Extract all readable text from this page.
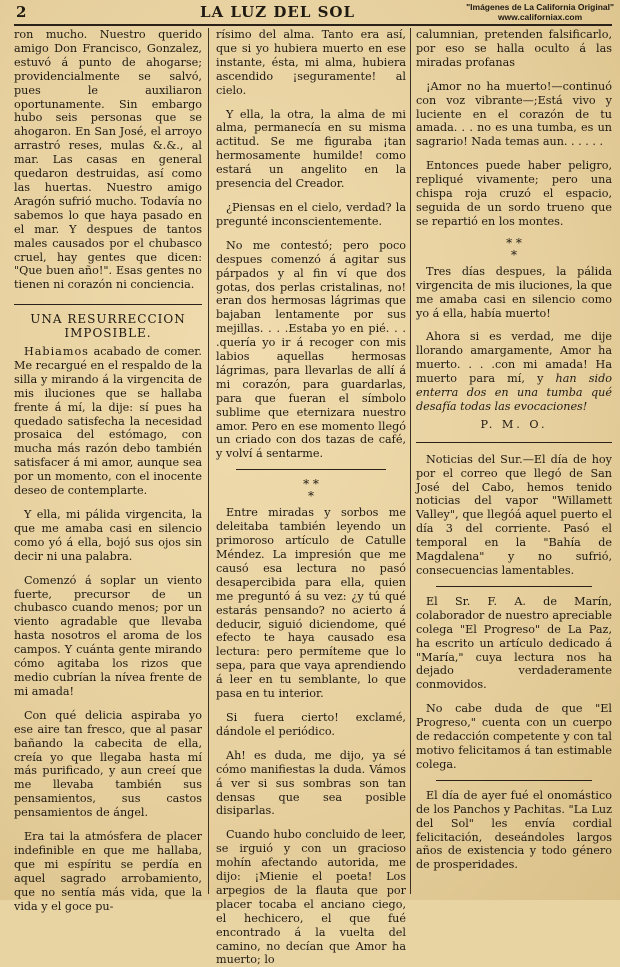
2	LA LUZ DEL SOL	"Imágenes de La California Original"
www.californiax.com

ron mucho. Nuestro querido amigo Don Francisco, Gonzalez, estuvó á punto de ahogarse; providencialmente se salvó, pues le auxiliaron oportunamente. Sin embargo hubo seis personas que se ahogaron. En San José, el arroyo arrastró reses, mulas &.&., al mar. Las casas en general quedaron destruidas, así como las huertas. Nuestro amigo Aragón sufrió mucho. Todavía no sabemos lo que haya pasado en el mar. Y despues de tantos males causados por el chubasco cruel, hay gentes que dicen: "Que buen año!". Esas gentes no tienen ni corazón ni conciencia.

UNA RESURRECCION IMPOSIBLE.

Habiamos acabado de comer. Me recargué en el respaldo de la silla y mirando á la virgencita de mis iluciones que se hallaba frente á mí, la dije: sí pues ha quedado satisfecha la necesidad prosaica del estómago, con mucha más razón debo también satisfacer á mi amor, aunque sea por un momento, con el inocente deseo de contemplarte.

Y ella, mi pálida virgencita, la que me amaba casi en silencio como yó á ella, bojó sus ojos sin decir ni una palabra.

Comenzó á soplar un viento fuerte, precursor de un chubasco cuando menos; por un viento agradable que llevaba hasta nosotros el aroma de los campos. Y cuánta gente mirando cómo agitaba los rizos que medio cubrían la nívea frente de mi amada!

Con qué delicia aspiraba yo ese aire tan fresco, que al pasar bañando la cabecita de ella, creía yo que llegaba hasta mí más purificado, y aun creeí que me llevaba también sus pensamientos, sus castos pensamientos de ángel.

Era tai la atmósfera de placer indefinible en que me hallaba, que mi espíritu se perdía en aquel sagrado arrobamiento, que no sentía más vida, que la vida y el goce pu-

rísimo del alma. Tanto era así, que si yo hubiera muerto en ese instante, ésta, mi alma, hubiera ascendido ¡seguramente! al cielo.

Y ella, la otra, la alma de mi alma, permanecía en su misma actitud. Se me figuraba ¡tan hermosamente humilde! como estará un angelito en la presencia del Creador.

¿Piensas en el cielo, verdad? la pregunté inconscientemente.

No me contestó; pero poco despues comenzó á agitar sus párpados y al fin ví que dos gotas, dos perlas cristalinas, no! eran dos hermosas lágrimas que bajaban lentamente por sus mejillas. . . .Estaba yo en pié. . . .quería yo ir á recoger con mis labios aquellas hermosas lágrimas, para llevarlas de allí á mi corazón, para guardarlas, para que fueran el símbolo sublime que eternizara nuestro amor. Pero en ese momento llegó un criado con dos tazas de café, y volví á sentarme.

* *
*

Entre miradas y sorbos me deleitaba también leyendo un primoroso artículo de Catulle Méndez. La impresión que me causó esa lectura no pasó desapercibida para ella, quien me preguntó á su vez: ¿y tú qué estarás pensando? no acierto á deducir, siguió diciendome, qué efecto te haya causado esa lectura: pero permíteme que lo sepa, para que vaya aprendiendo á leer en tu semblante, lo que pasa en tu interior.

Si fuera cierto! exclamé, dándole el periódico.

Ah! es duda, me dijo, ya sé cómo manifiestas la duda. Vámos á ver si sus sombras son tan densas que sea posible disiparlas.

Cuando hubo concluido de leer, se irguió y con un gracioso mohín afectando autorida, me dijo: ¡Mienie el poeta! Los arpegios de la flauta que por placer tocaba el anciano ciego, el hechicero, el que fué encontrado á la vuelta del camino, no decían que Amor ha muerto; lo

calumnian, pretenden falsificarlo, por eso se halla oculto á las miradas profanas

¡Amor no ha muerto!—continuó con voz vibrante—;Está vivo y luciente en el corazón de tu amada. . . no es una tumba, es un sagrario! Nada temas aun. . . . . .

Entonces puede haber peligro, repliqué vivamente; pero una chispa roja cruzó el espacio, seguida de un sordo trueno que se repartió en los montes.

* *
*

Tres días despues, la pálida virgencita de mis iluciones, la que me amaba casi en silencio como yo á ella, había muerto!

Ahora si es verdad, me dije llorando amargamente, Amor ha muerto. . . .con mi amada! Ha muerto para mí, y han sido enterra dos en una tumba qué desafía todas las evocaciones!

P. M. O.

Noticias del Sur.—El día de hoy por el correo que llegó de San José del Cabo, hemos tenido noticias del vapor "Willamett Valley", que llegóá aquel puerto el día 3 del corriente. Pasó el temporal en la "Bahía de Magdalena" y no sufrió, consecuencias lamentables.

El Sr. F. A. de Marín, colaborador de nuestro apreciable colega "El Progreso" de La Paz, ha escrito un artículo dedicado á "María," cuya lectura nos ha dejado verdaderamente conmovidos.

No cabe duda de que "El Progreso," cuenta con un cuerpo de redacción competente y con tal motivo felicitamos á tan estimable colega.

El día de ayer fué el onomástico de los Panchos y Pachitas. "La Luz del Sol" les envía cordial felicitación, deseándoles largos años de existencia y todo género de prosperidades.
